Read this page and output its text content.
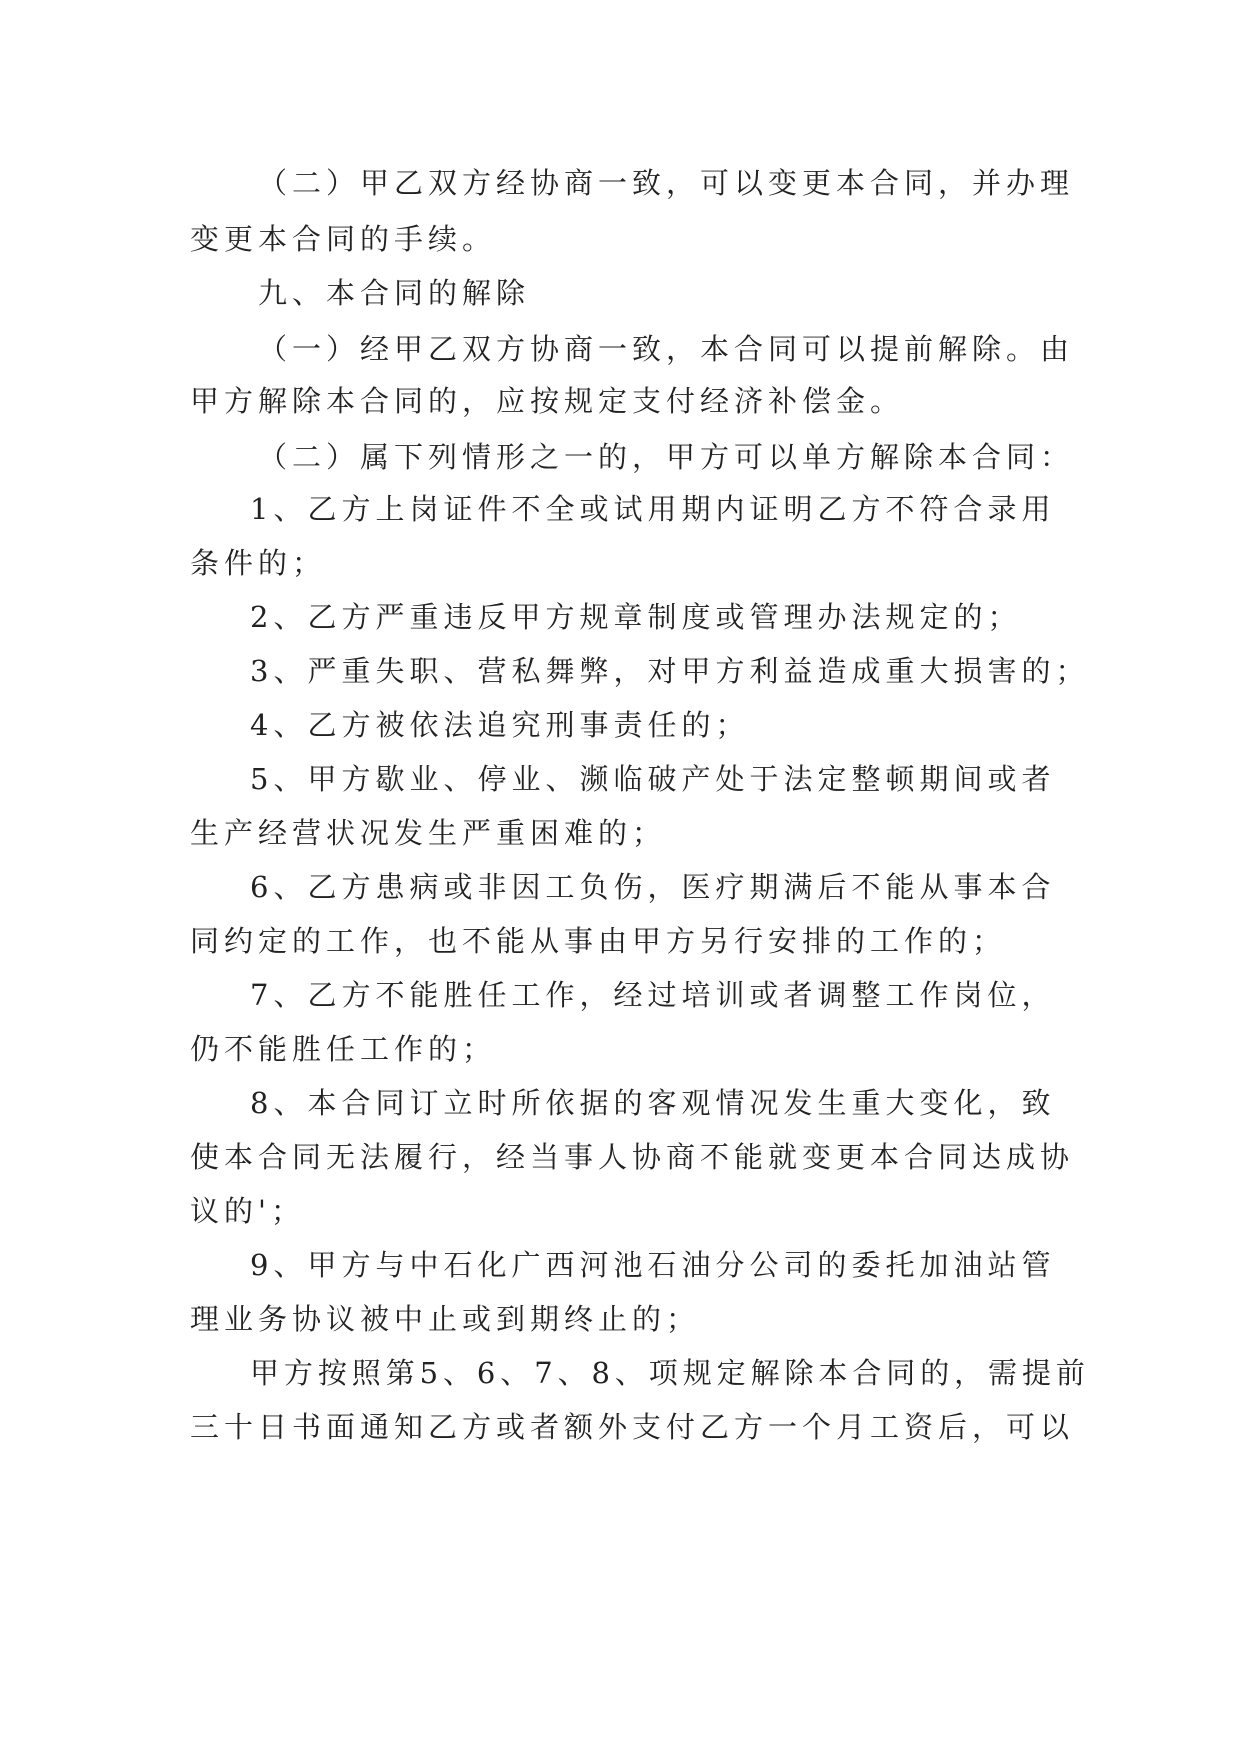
（二）甲乙双方经协商一致，可以变更本合同，并办理
变更本合同的手续。
九、本合同的解除
（一）经甲乙双方协商一致，本合同可以提前解除。由
甲方解除本合同的，应按规定支付经济补偿金。
（二）属下列情形之一的，甲方可以单方解除本合同：
1、乙方上岗证件不全或试用期内证明乙方不符合录用
条件的；
2、乙方严重违反甲方规章制度或管理办法规定的；
3、严重失职、营私舞弊，对甲方利益造成重大损害的；
4、乙方被依法追究刑事责任的；
5、甲方歇业、停业、濒临破产处于法定整顿期间或者
生产经营状况发生严重困难的；
6、乙方患病或非因工负伤，医疗期满后不能从事本合
同约定的工作，也不能从事由甲方另行安排的工作的；
7、乙方不能胜任工作，经过培训或者调整工作岗位，
仍不能胜任工作的；
8、本合同订立时所依据的客观情况发生重大变化，致
使本合同无法履行，经当事人协商不能就变更本合同达成协
议的'；
9、甲方与中石化广西河池石油分公司的委托加油站管
理业务协议被中止或到期终止的；
甲方按照第5、6、7、8、项规定解除本合同的，需提前
三十日书面通知乙方或者额外支付乙方一个月工资后，可以
